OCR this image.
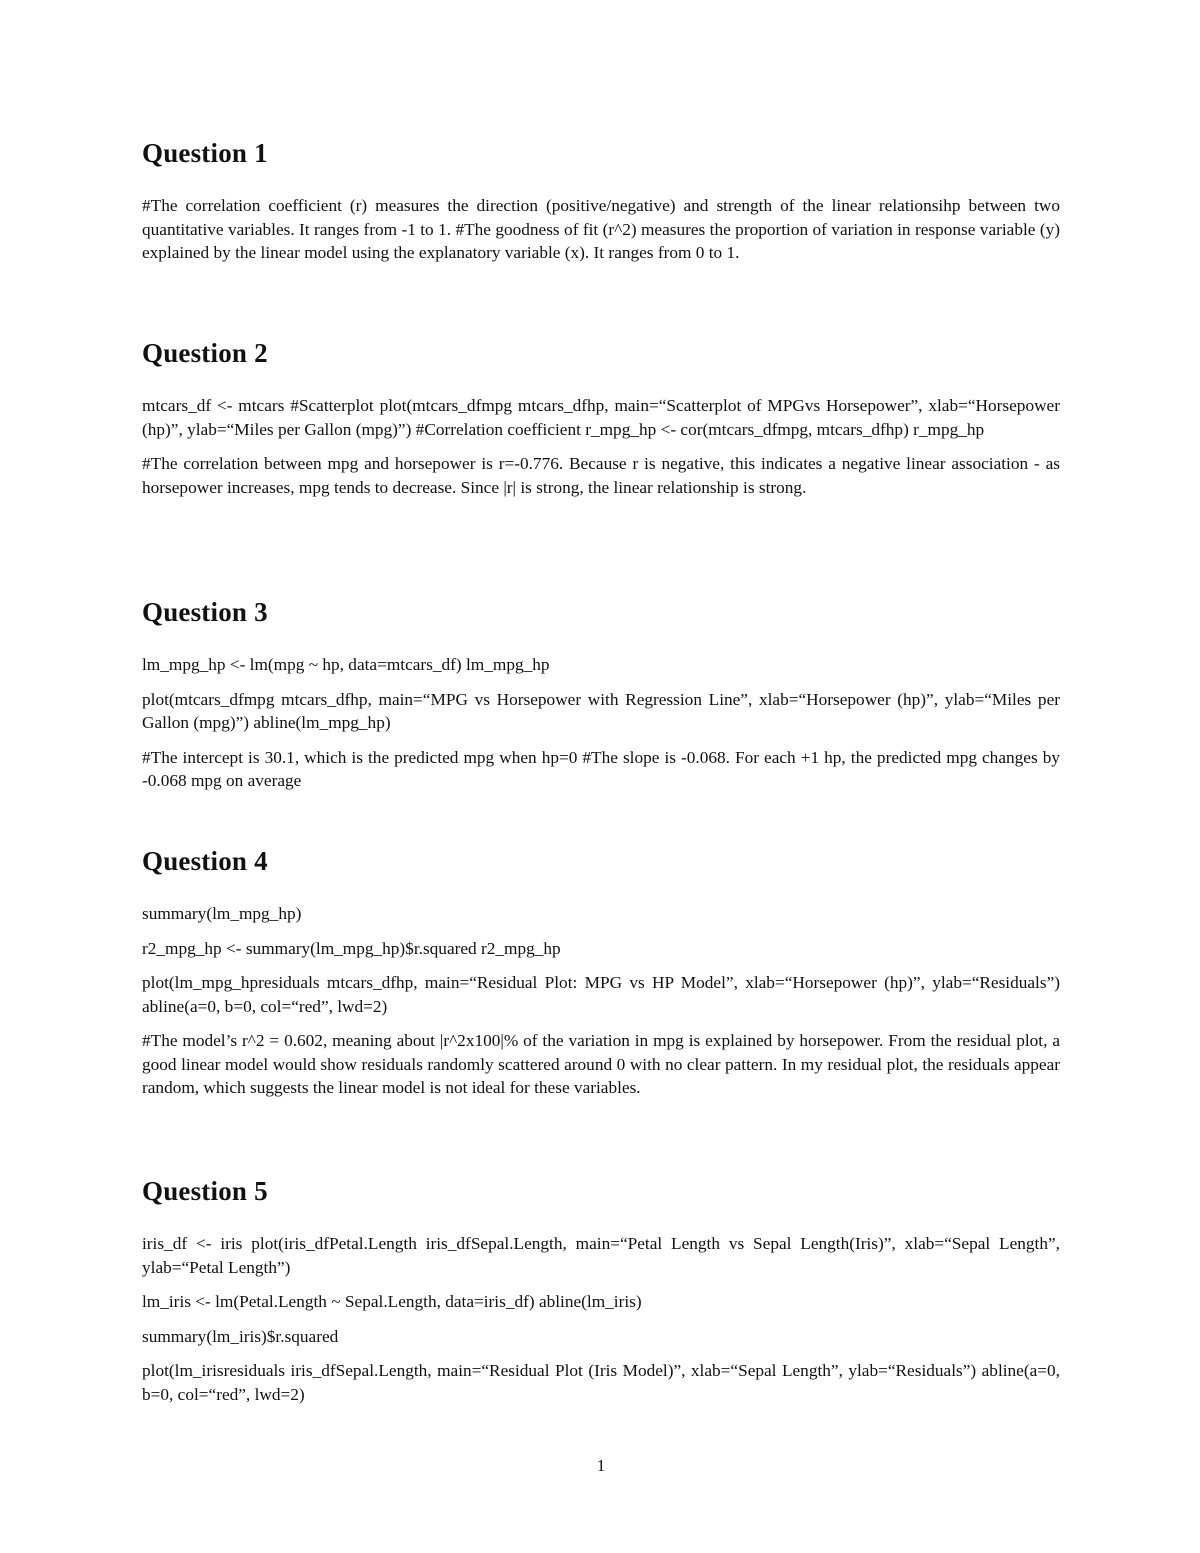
Question 1

#The correlation coefficient (r) measures the direction (positive/negative) and strength of the linear relationsihp between two quantitative variables. It ranges from -1 to 1. #The goodness of fit (r^2) measures the proportion of variation in response variable (y) explained by the linear model using the explanatory variable (x). It ranges from 0 to 1.

Question 2

mtcars_df <- mtcars #Scatterplot plot(mtcars_dfmpg mtcars_dfhp, main=“Scatterplot of MPGvs Horsepower”, xlab=“Horsepower (hp)”, ylab=“Miles per Gallon (mpg)”) #Correlation coefficient r_mpg_hp <- cor(mtcars_dfmpg, mtcars_dfhp) r_mpg_hp

#The correlation between mpg and horsepower is r=-0.776. Because r is negative, this indicates a negative linear association - as horsepower increases, mpg tends to decrease. Since |r| is strong, the linear relationship is strong.

Question 3

lm_mpg_hp <- lm(mpg ~ hp, data=mtcars_df) lm_mpg_hp

plot(mtcars_dfmpg mtcars_dfhp, main=“MPG vs Horsepower with Regression Line”, xlab=“Horsepower (hp)”, ylab=“Miles per Gallon (mpg)”) abline(lm_mpg_hp)

#The intercept is 30.1, which is the predicted mpg when hp=0 #The slope is -0.068. For each +1 hp, the predicted mpg changes by -0.068 mpg on average

Question 4

summary(lm_mpg_hp)

r2_mpg_hp <- summary(lm_mpg_hp)$r.squared r2_mpg_hp

plot(lm_mpg_hpresiduals mtcars_dfhp, main=“Residual Plot: MPG vs HP Model”, xlab=“Horsepower (hp)”, ylab=“Residuals”) abline(a=0, b=0, col=“red”, lwd=2)

#The model’s r^2 = 0.602, meaning about |r^2x100|% of the variation in mpg is explained by horsepower. From the residual plot, a good linear model would show residuals randomly scattered around 0 with no clear pattern. In my residual plot, the residuals appear random, which suggests the linear model is not ideal for these variables.

Question 5

iris_df <- iris plot(iris_dfPetal.Length iris_dfSepal.Length, main=“Petal Length vs Sepal Length(Iris)”, xlab=“Sepal Length”, ylab=“Petal Length”)

lm_iris <- lm(Petal.Length ~ Sepal.Length, data=iris_df) abline(lm_iris)

summary(lm_iris)$r.squared

plot(lm_irisresiduals iris_dfSepal.Length, main=“Residual Plot (Iris Model)”, xlab=“Sepal Length”, ylab=“Residuals”) abline(a=0, b=0, col=“red”, lwd=2)

1
